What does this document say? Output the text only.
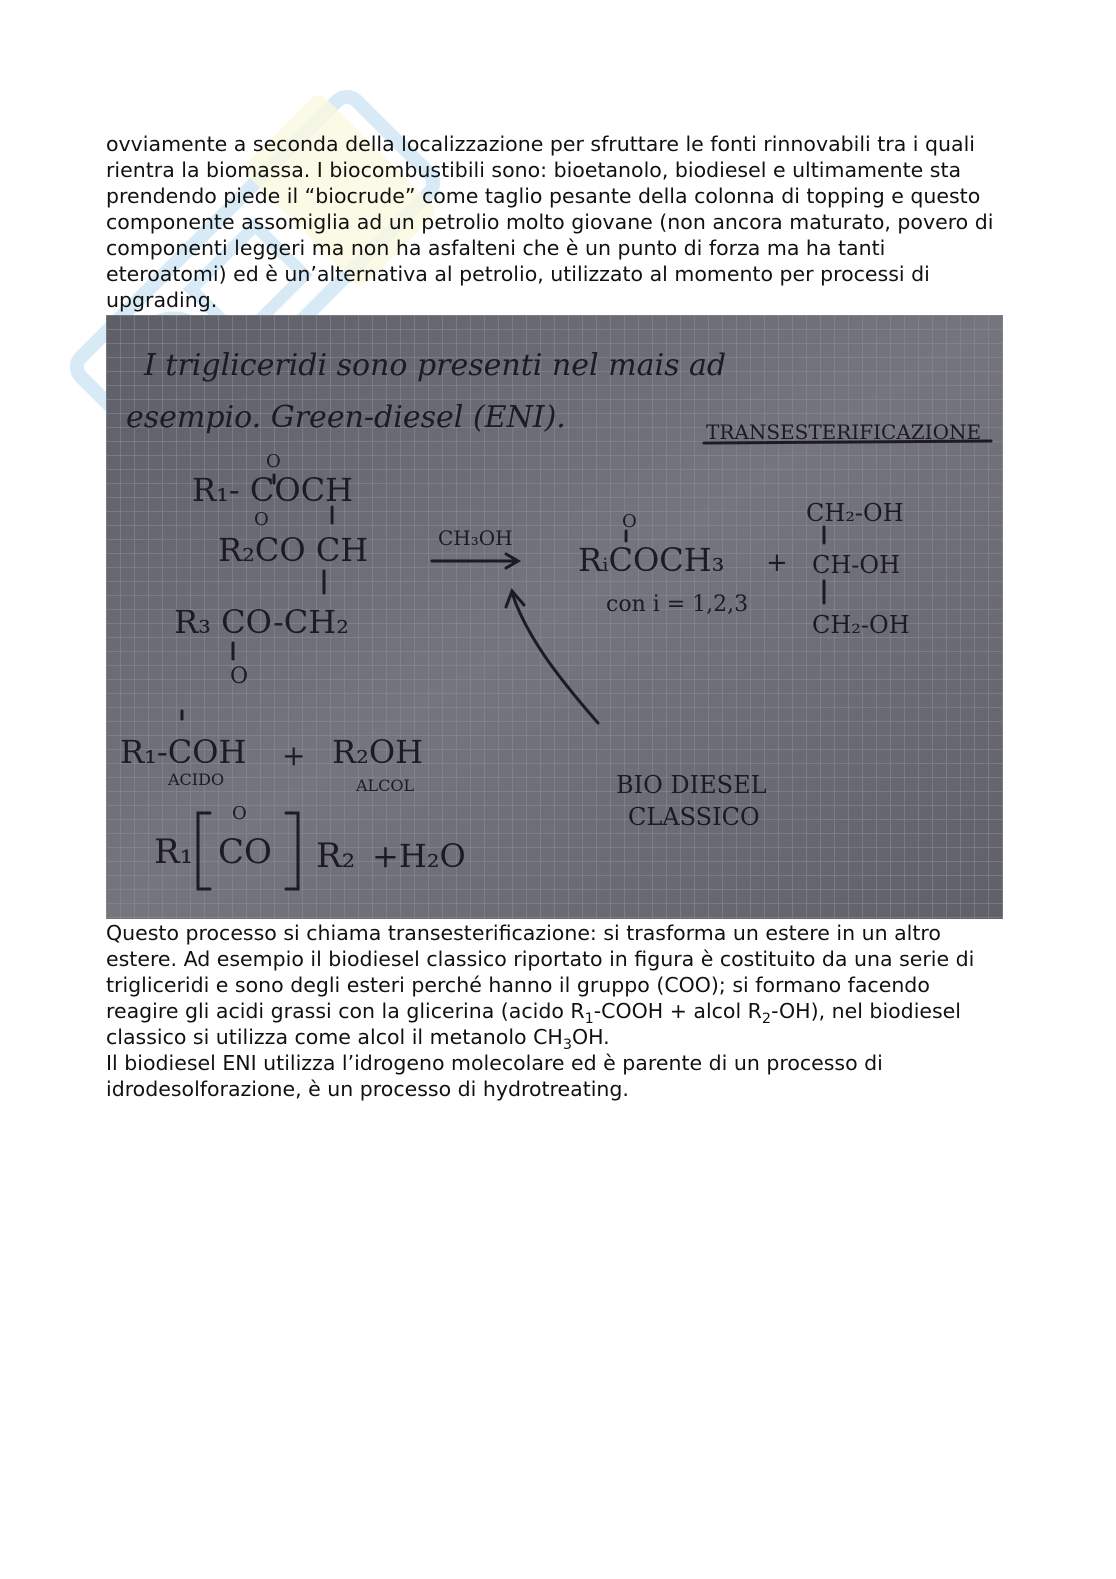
ovviamente a seconda della localizzazione per sfruttare le fonti rinnovabili tra i quali rientra la biomassa. I biocombustibili sono: bioetanolo, biodiesel e ultimamente sta prendendo piede il “biocrude” come taglio pesante della colonna di topping e questo componente assomiglia ad un petrolio molto giovane (non ancora maturato, povero di componenti leggeri ma non ha asfalteni che è un punto di forza ma ha tanti eteroatomi) ed è un’alternativa al petrolio, utilizzato al momento per processi di upgrading.

I trigliceridi sono presenti nel mais ad
esempio. Green-diesel (ENI).	TRANSESTERIFICAZIONE
O
R₁- COCH
O
R₂CO CH
R₃ CO-CH₂
O
CH₃OH
O
RᵢCOCH₃ +
con i = 1,2,3
CH₂-OH
CH-OH
CH₂-OH
R₁-COH
ACIDO
+ R₂OH
ALCOL
O
R₁ CO R₂ +H₂O
BIO DIESEL
CLASSICO

Questo processo si chiama transesterificazione: si trasforma un estere in un altro estere. Ad esempio il biodiesel classico riportato in figura è costituito da una serie di trigliceridi e sono degli esteri perché hanno il gruppo (COO); si formano facendo reagire gli acidi grassi con la glicerina (acido $R_1$-COOH + alcol $R_2-OH$), nel biodiesel classico si utilizza come alcol il metanolo $CH_3OH$.

Il biodiesel ENI utilizza l’idrogeno molecolare ed è parente di un processo di idrodesolforazione, è un processo di hydrotreating.
